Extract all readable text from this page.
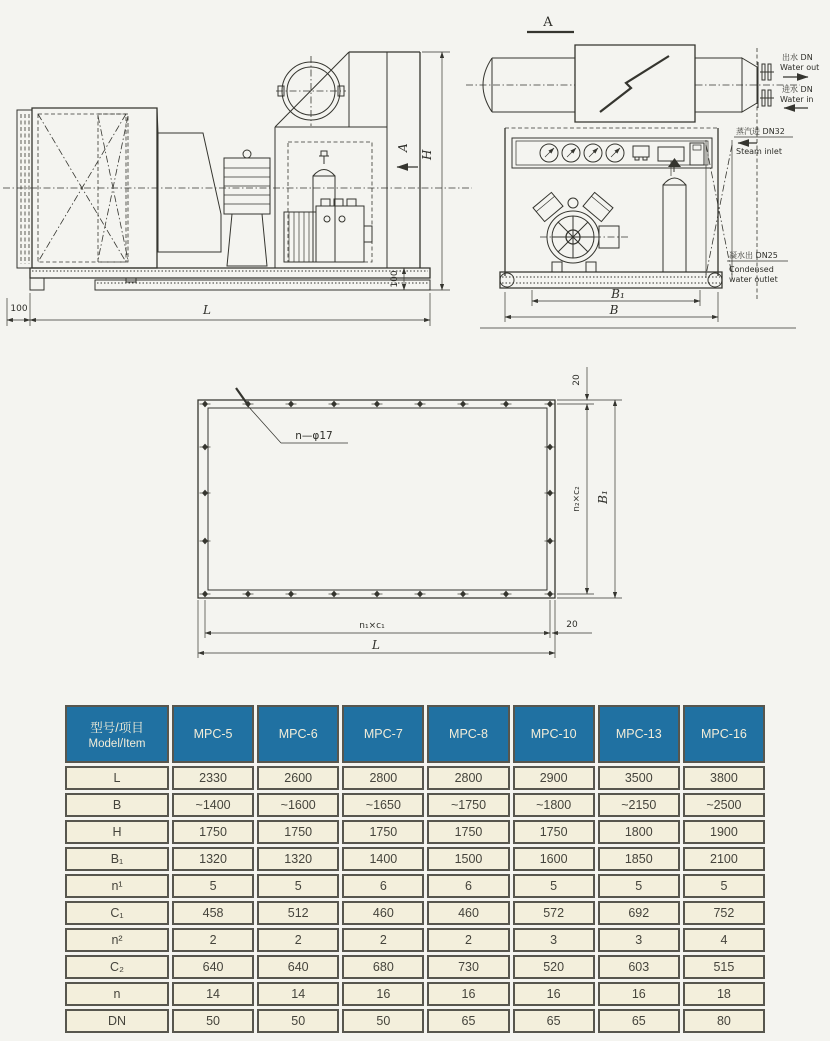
H
A
100
100	L
A
出水 DN
Water out
进水 DN
Water in
蒸汽进 DN32
Steam inlet
凝水出 DN25
Condensed
water outlet
B₁
B
n—φ17
20
n₂×c₂ B₁
n₁×c₁	20
L
型号/项目
Model/Item	MPC-5	MPC-6	MPC-7	MPC-8	MPC-10	MPC-13	MPC-16
L	2330	2600	2800	2800	2900	3500	3800
B	~1400	~1600	~1650	~1750	~1800	~2150	~2500
H	1750	1750	1750	1750	1750	1800	1900
B₁	1320	1320	1400	1500	1600	1850	2100
n¹	5	5	6	6	5	5	5
C₁	458	512	460	460	572	692	752
n²	2	2	2	2	3	3	4
C₂	640	640	680	730	520	603	515
n	14	14	16	16	16	16	18
DN	50	50	50	65	65	65	80
